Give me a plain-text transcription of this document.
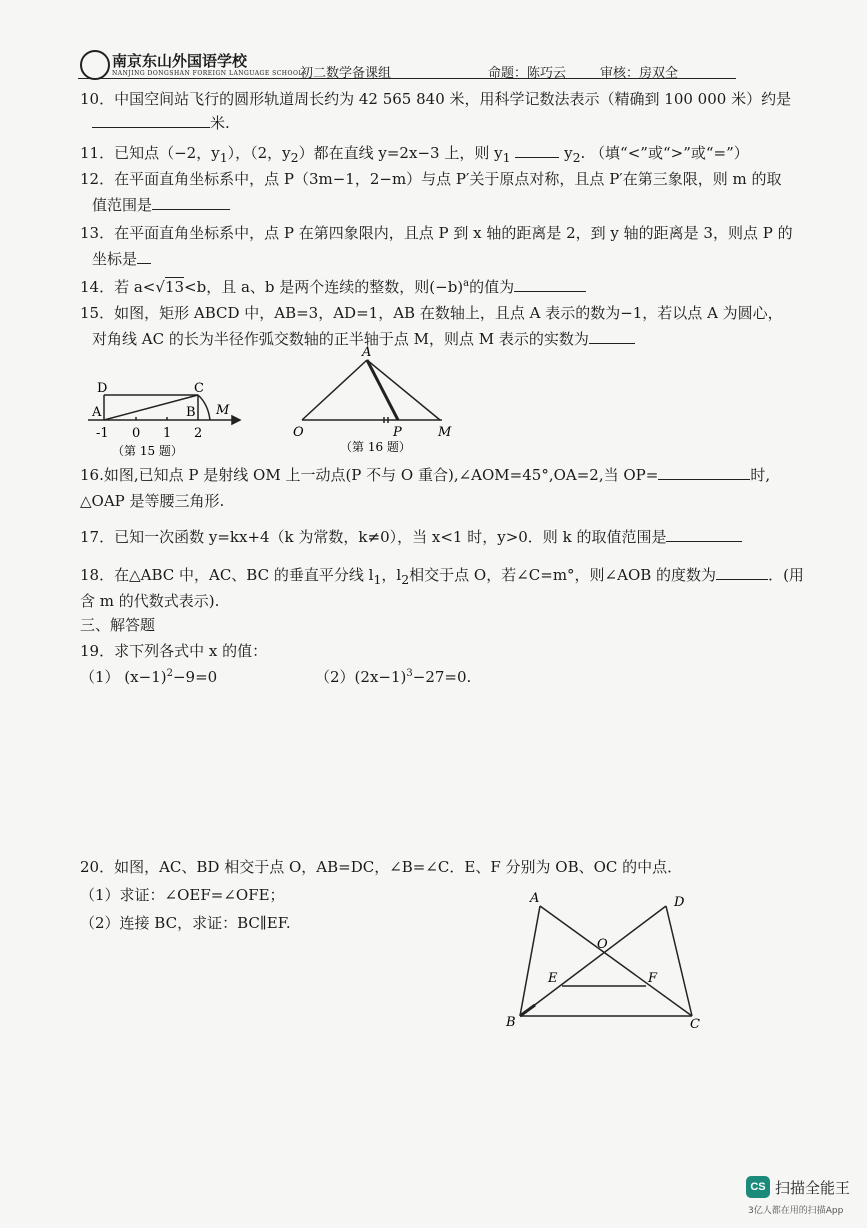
南京东山外国语学校
NANJING DONGSHAN FOREIGN LANGUAGE SCHOOL
初二数学备课组	命题：陈巧云	审核：房双全
10．中国空间站飞行的圆形轨道周长约为 42 565 840 米，用科学记数法表示（精确到 100 000 米）约是
米.
11．已知点（−2，$y_1$），（2，$y_2$）都在直线 y=2x−3 上，则 $y_1$	$y_2$. （填“<”或“>”或“=”）
12．在平面直角坐标系中，点 P（3m−1，2−m）与点 P′关于原点对称，且点 P′在第三象限，则 m 的取
值范围是
13．在平面直角坐标系中，点 P 在第四象限内，且点 P 到 x 轴的距离是 2，到 y 轴的距离是 3，则点 P 的
坐标是
14．若 a<√13<b，且 a、b 是两个连续的整数，则$(-b)^a$的值为
15．如图，矩形 ABCD 中，AB=3，AD=1，AB 在数轴上，且点 A 表示的数为−1，若以点 A 为圆心，
对角线 AC 的长为半径作弧交数轴的正半轴于点 M，则点 M 表示的实数为
D	C
A	B M
-1 0 1 2
（第 15 题）
A
O	P	M
（第 16 题）
16.如图,已知点 P 是射线 OM 上一动点(P 不与 O 重合),∠AOM=45°,OA=2,当 OP=	时,
△OAP 是等腰三角形.
17．已知一次函数 y=kx+4（k 为常数，k≠0），当 x<1 时，y>0．则 k 的取值范围是
18．在△ABC 中，AC、BC 的垂直平分线 $l_1$，$l_2$相交于点 O，若∠C=m°，则∠AOB 的度数为	．(用
含 m 的代数式表示).
三、解答题
19．求下列各式中 x 的值：
（1） $(x-1)^2-9=0$	$(2)(2x-1)^3-27=0$.
20．如图，AC、BD 相交于点 O，AB=DC，∠B=∠C．E、F 分别为 OB、OC 的中点．
（1）求证：∠OEF=∠OFE；
（2）连接 BC，求证：BC∥EF.
A	D
O
E	F
B	C
CS 扫描全能王
3亿人都在用的扫描App
